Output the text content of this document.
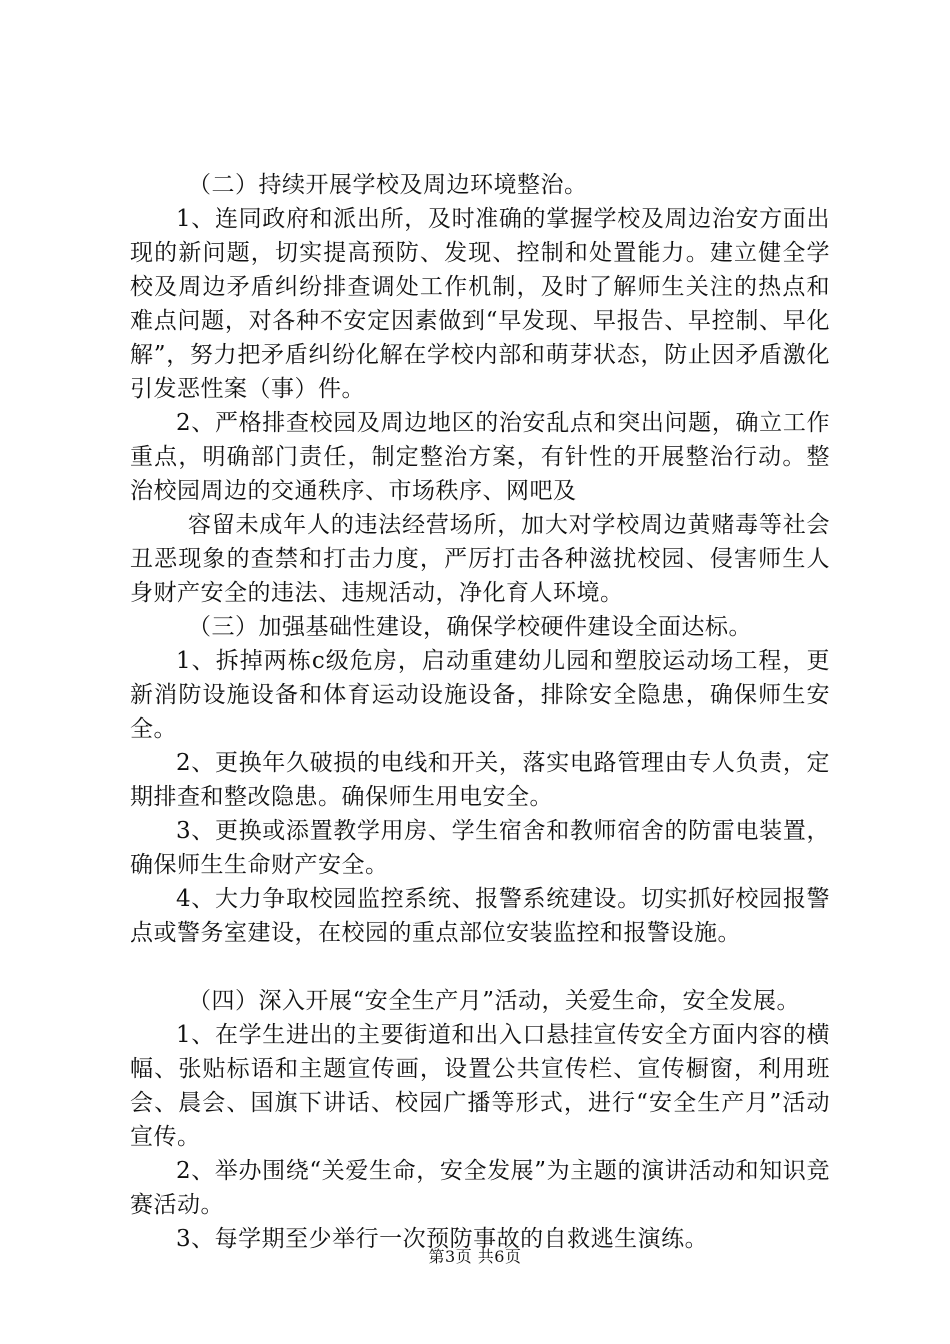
（二）持续开展学校及周边环境整治。

1、连同政府和派出所，及时准确的掌握学校及周边治安方面出现的新问题，切实提高预防、发现、控制和处置能力。建立健全学校及周边矛盾纠纷排查调处工作机制，及时了解师生关注的热点和难点问题，对各种不安定因素做到“早发现、早报告、早控制、早化解”，努力把矛盾纠纷化解在学校内部和萌芽状态，防止因矛盾激化引发恶性案（事）件。

2、严格排查校园及周边地区的治安乱点和突出问题，确立工作重点，明确部门责任，制定整治方案，有针性的开展整治行动。整治校园周边的交通秩序、市场秩序、网吧及

容留未成年人的违法经营场所，加大对学校周边黄赌毒等社会丑恶现象的查禁和打击力度，严厉打击各种滋扰校园、侵害师生人身财产安全的违法、违规活动，净化育人环境。

（三）加强基础性建设，确保学校硬件建设全面达标。

1、拆掉两栋c级危房，启动重建幼儿园和塑胶运动场工程，更新消防设施设备和体育运动设施设备，排除安全隐患，确保师生安全。

2、更换年久破损的电线和开关，落实电路管理由专人负责，定期排查和整改隐患。确保师生用电安全。

3、更换或添置教学用房、学生宿舍和教师宿舍的防雷电装置，确保师生生命财产安全。

4、大力争取校园监控系统、报警系统建设。切实抓好校园报警点或警务室建设，在校园的重点部位安装监控和报警设施。

（四）深入开展“安全生产月”活动，关爱生命，安全发展。

1、在学生进出的主要街道和出入口悬挂宣传安全方面内容的横幅、张贴标语和主题宣传画，设置公共宣传栏、宣传橱窗，利用班会、晨会、国旗下讲话、校园广播等形式，进行“安全生产月”活动宣传。

2、举办围绕“关爱生命，安全发展”为主题的演讲活动和知识竞赛活动。

3、每学期至少举行一次预防事故的自救逃生演练。

第3页 共6页
